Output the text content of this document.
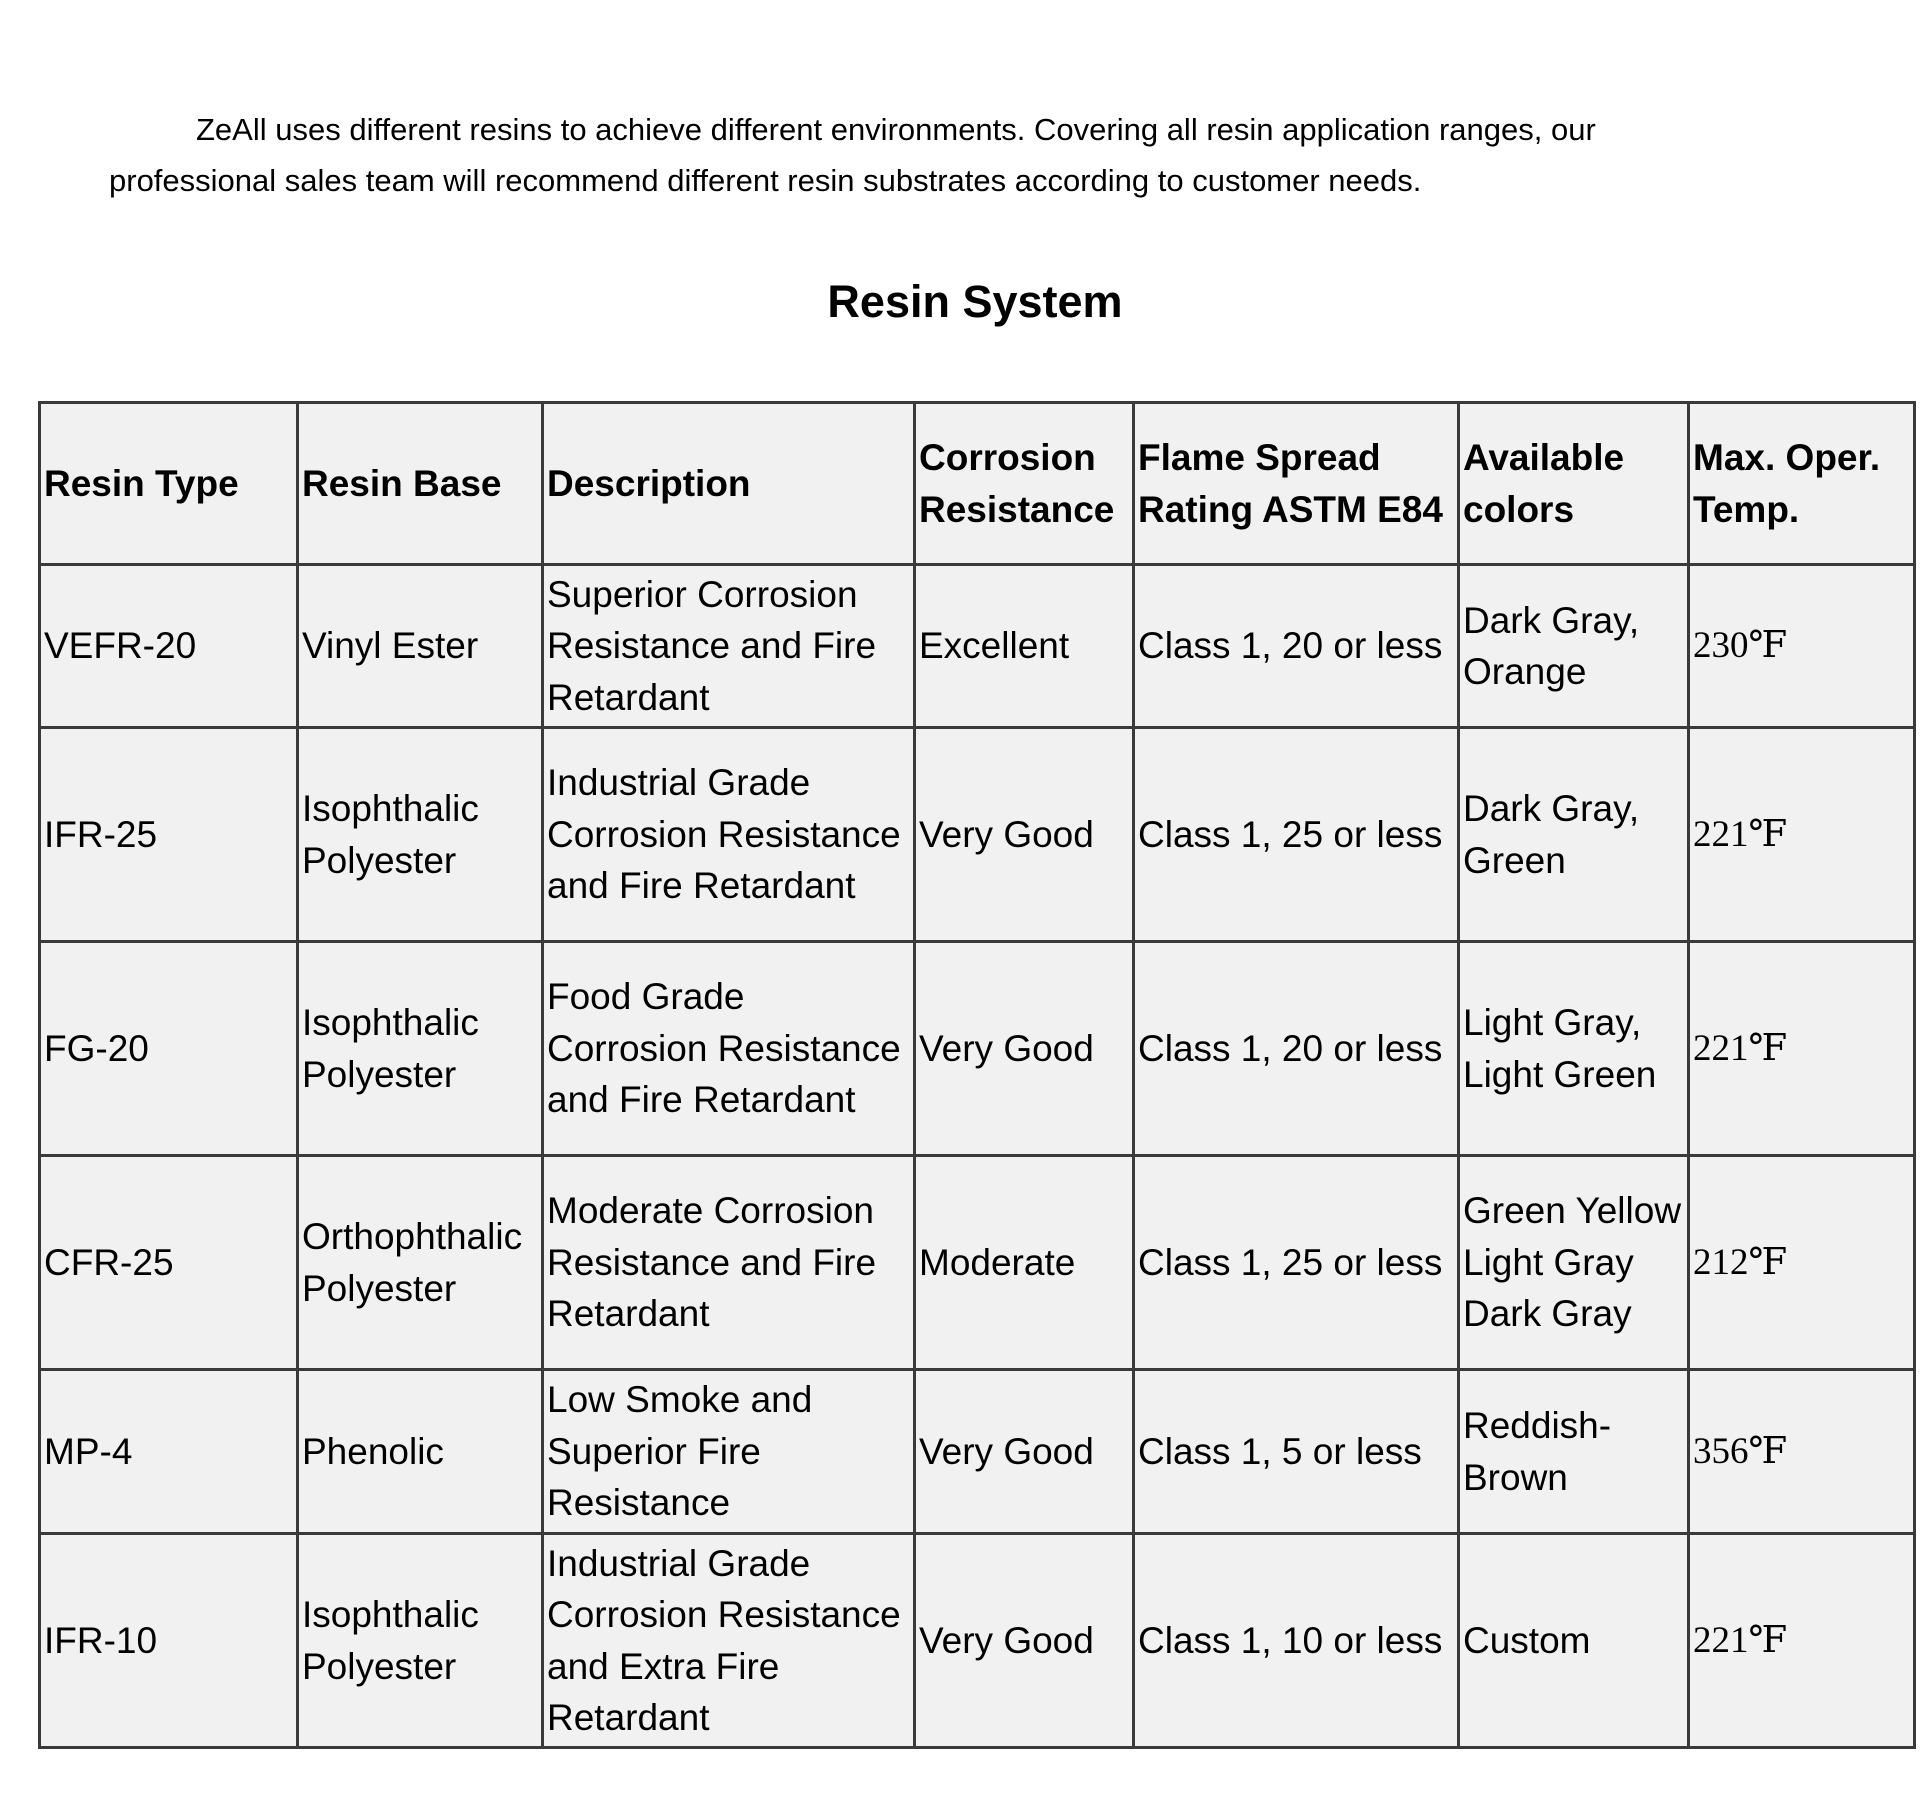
ZeAll uses different resins to achieve different environments. Covering all resin application ranges, our
professional sales team will recommend different resin substrates according to customer needs.
Resin System
Resin Type	Resin Base	Description	Corrosion Resistance	Flame Spread Rating ASTM E84	Available colors	Max. Oper. Temp.
VEFR-20	Vinyl Ester	Superior Corrosion Resistance and Fire Retardant	Excellent	Class 1, 20 or less	Dark Gray, Orange	230℉
IFR-25	Isophthalic Polyester	Industrial Grade Corrosion Resistance and Fire Retardant	Very Good	Class 1, 25 or less	Dark Gray, Green	221℉
FG-20	Isophthalic Polyester	Food Grade Corrosion Resistance and Fire Retardant	Very Good	Class 1, 20 or less	Light Gray, Light Green	221℉
CFR-25	Orthophthalic Polyester	Moderate Corrosion Resistance and Fire Retardant	Moderate	Class 1, 25 or less	Green Yellow Light Gray Dark Gray	212℉
MP-4	Phenolic	Low Smoke and Superior Fire Resistance	Very Good	Class 1, 5 or less	Reddish-Brown	356℉
IFR-10	Isophthalic Polyester	Industrial Grade Corrosion Resistance and Extra Fire Retardant	Very Good	Class 1, 10 or less	Custom	221℉
